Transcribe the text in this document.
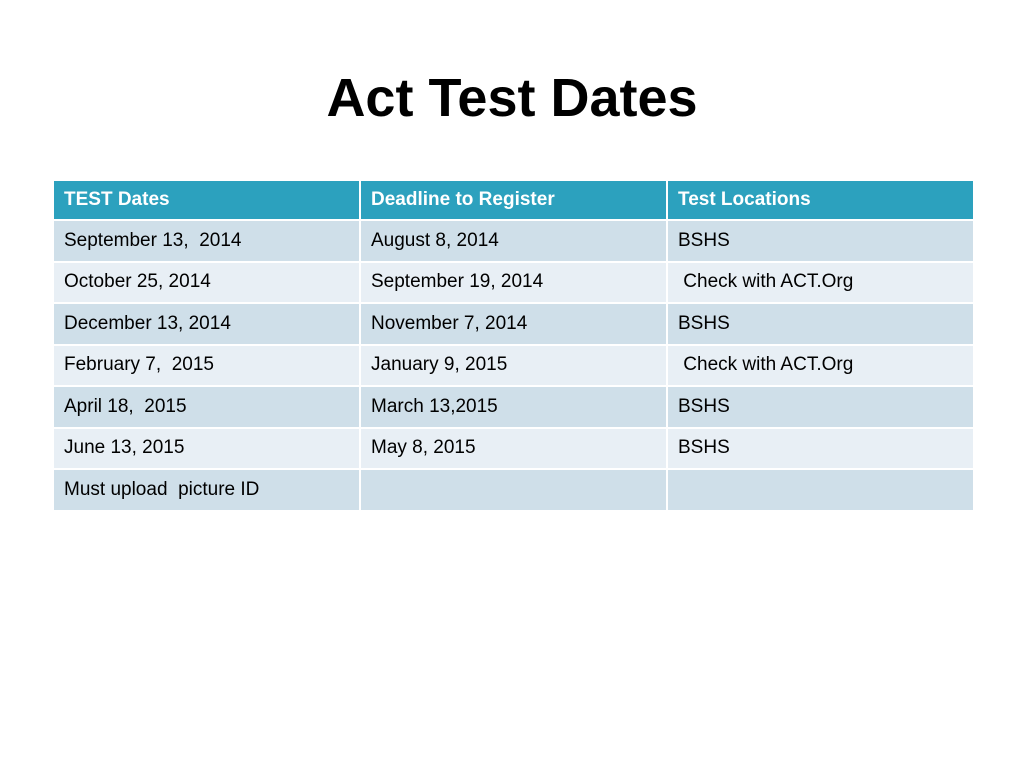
Act Test Dates
TEST Dates	Deadline to Register	Test Locations
September 13,  2014	August 8, 2014	BSHS
October 25, 2014	September 19, 2014	Check with ACT.Org
December 13, 2014	November 7, 2014	BSHS
February 7,  2015	January 9, 2015	Check with ACT.Org
April 18,  2015	March 13,2015	BSHS
June 13, 2015	May 8, 2015	BSHS
Must upload  picture ID		
